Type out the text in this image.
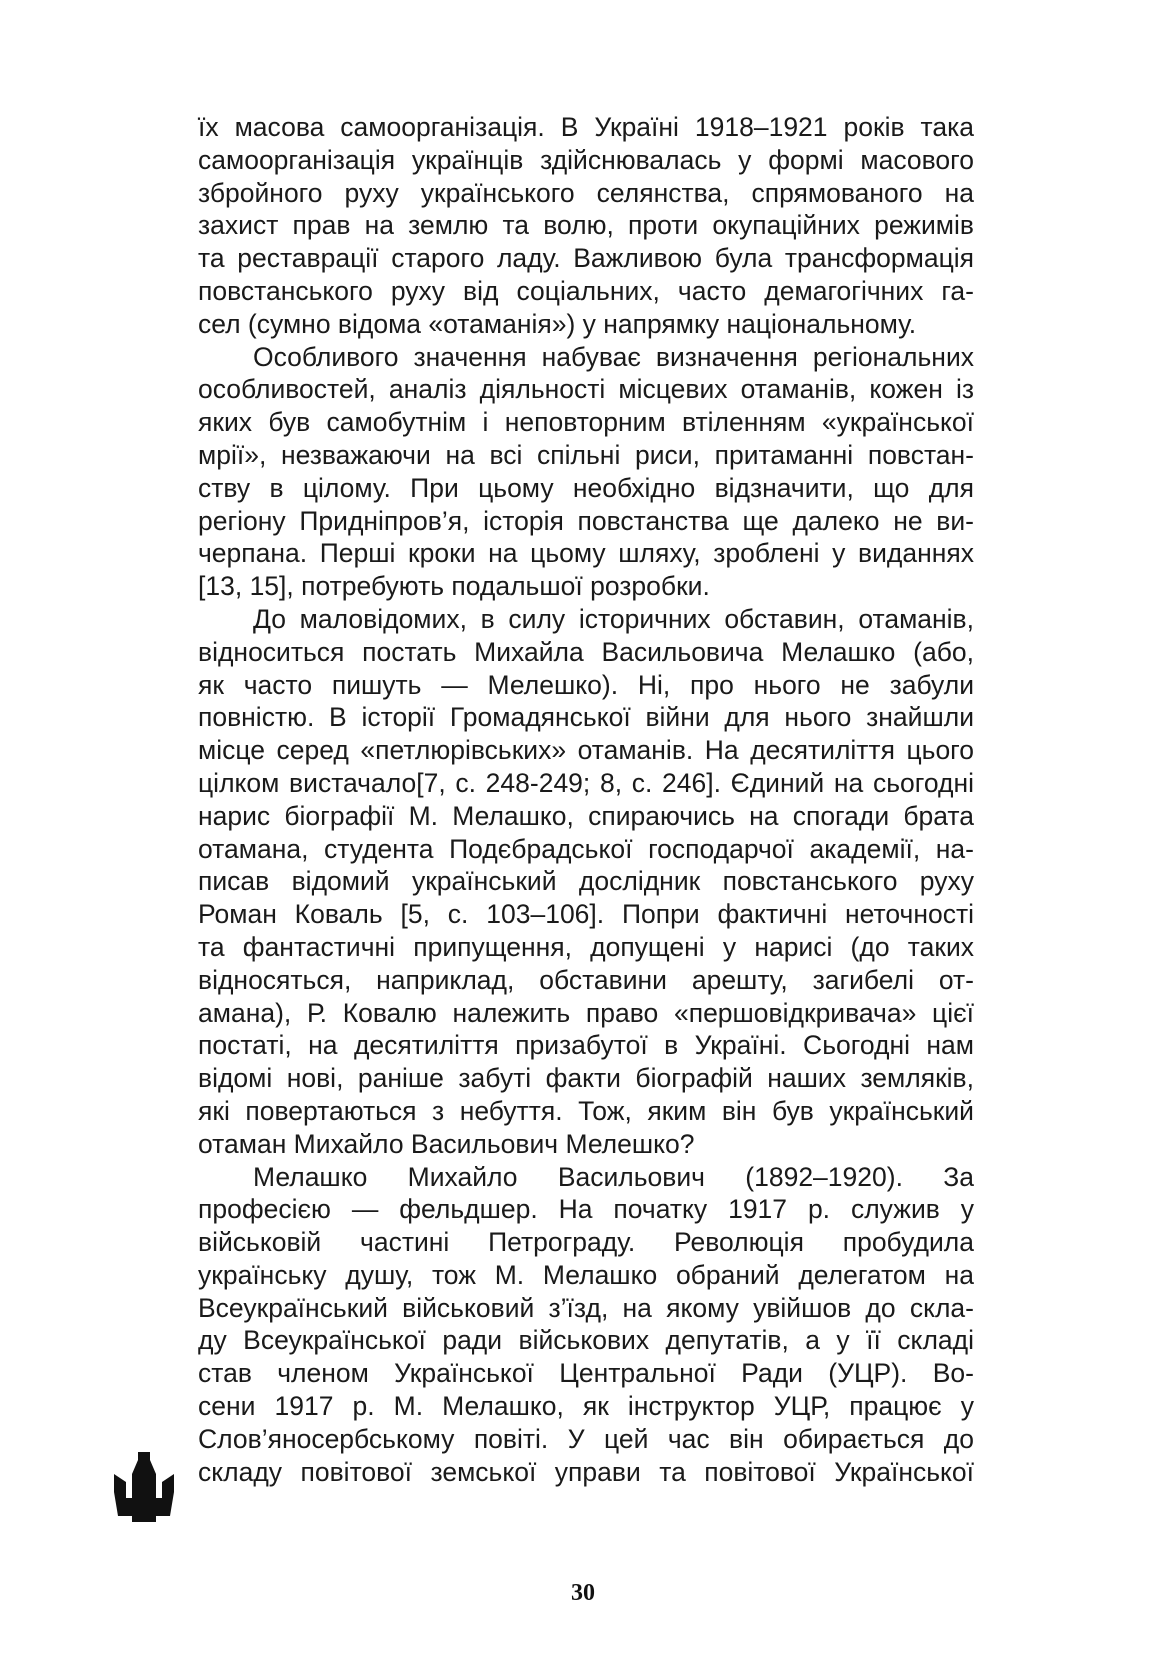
їх масова самоорганізація. В Україні 1918–1921 років така
самоорганізація українців здійснювалась у формі масового
збройного руху українського селянства, спрямованого на
захист прав на землю та волю, проти окупаційних режимів
та реставрації старого ладу. Важливою була трансформація
повстанського руху від соціальних, часто демагогічних га-
сел (сумно відома «отаманія») у напрямку національному.
Особливого значення набуває визначення регіональних
особливостей, аналіз діяльності місцевих отаманів, кожен із
яких був самобутнім і неповторним втіленням «української
мрії», незважаючи на всі спільні риси, притаманні повстан-
ству в цілому. При цьому необхідно відзначити, що для
регіону Придніпров’я, історія повстанства ще далеко не ви-
черпана. Перші кроки на цьому шляху, зроблені у виданнях
[13, 15], потребують подальшої розробки.
До маловідомих, в силу історичних обставин, отаманів,
відноситься постать Михайла Васильовича Мелашко (або,
як часто пишуть — Мелешко). Ні, про нього не забули
повністю. В історії Громадянської війни для нього знайшли
місце серед «петлюрівських» отаманів. На десятиліття цього
цілком вистачало[7, с. 248-249; 8, с. 246]. Єдиний на сьогодні
нарис біографії М. Мелашко, спираючись на спогади брата
отамана, студента Подєбрадської господарчої академії, на-
писав відомий український дослідник повстанського руху
Роман Коваль [5, с. 103–106]. Попри фактичні неточності
та фантастичні припущення, допущені у нарисі (до таких
відносяться, наприклад, обставини арешту, загибелі от-
амана), Р. Ковалю належить право «першовідкривача» цієї
постаті, на десятиліття призабутої в Україні. Сьогодні нам
відомі нові, раніше забуті факти біографій наших земляків,
які повертаються з небуття. Тож, яким він був український
отаман Михайло Васильович Мелешко?
Мелашко Михайло Васильович (1892–1920). За
професією — фельдшер. На початку 1917 р. служив у
військовій частині Петрограду. Революція пробудила
українську душу, тож М. Мелашко обраний делегатом на
Всеукраїнський військовий з’їзд, на якому увійшов до скла-
ду Всеукраїнської ради військових депутатів, а у її складі
став членом Української Центральної Ради (УЦР). Во-
сени 1917 р. М. Мелашко, як інструктор УЦР, працює у
Слов’яносербському повіті. У цей час він обирається до
складу повітової земської управи та повітової Української
30
